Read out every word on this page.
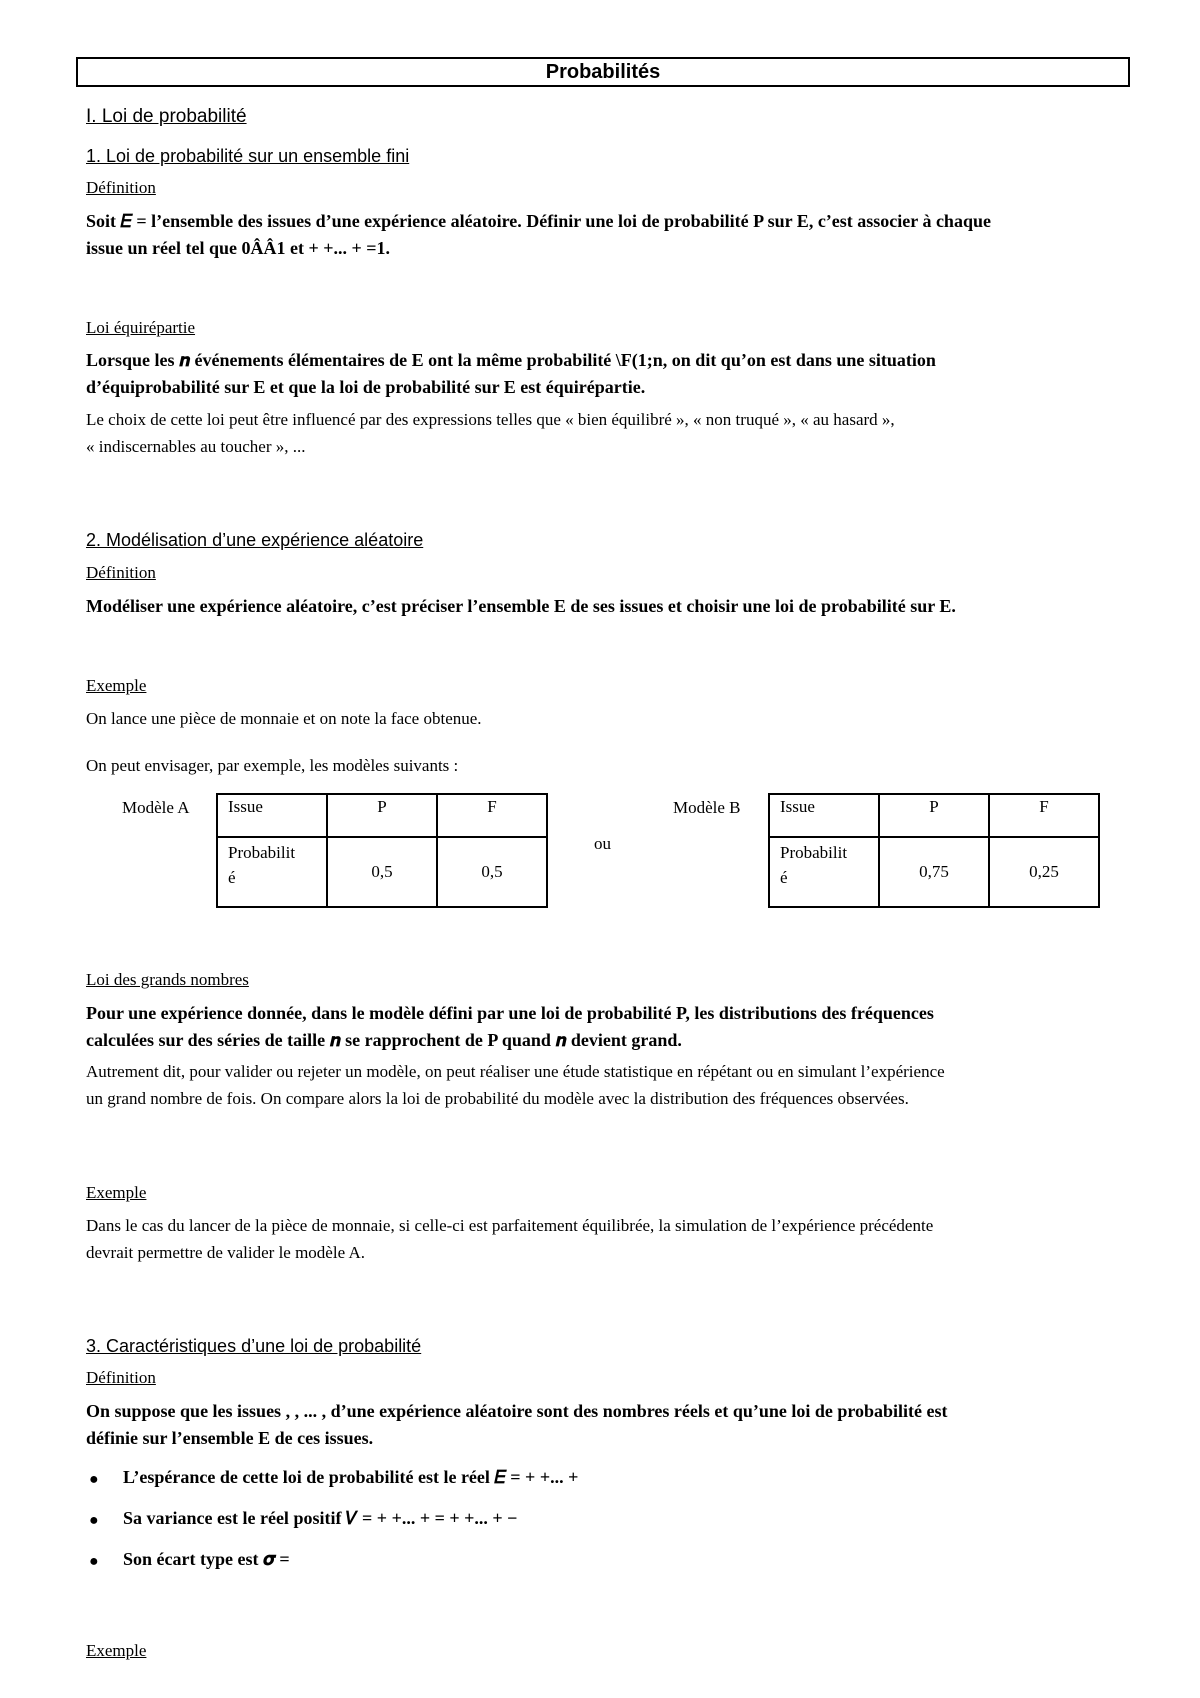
Probabilités
I. Loi de probabilité
1. Loi de probabilité sur un ensemble fini
Définition
Soit 𝐸 = l’ensemble des issues d’une expérience aléatoire. Définir une loi de probabilité P sur E, c’est associer à chaque
issue un réel tel que 0ÂÂ1 et + +... + =1.
Loi équirépartie
Lorsque les 𝒏 événements élémentaires de E ont la même probabilité \F(1;n, on dit qu’on est dans une situation
d’équiprobabilité sur E et que la loi de probabilité sur E est équirépartie.
Le choix de cette loi peut être influencé par des expressions telles que « bien équilibré », « non truqué », « au hasard »,
« indiscernables au toucher », ...
2. Modélisation d’une expérience aléatoire
Définition
Modéliser une expérience aléatoire, c’est préciser l’ensemble E de ses issues et choisir une loi de probabilité sur E.
Exemple
On lance une pièce de monnaie et on note la face obtenue.
On peut envisager, par exemple, les modèles suivants :
Modèle A Issue	P	F
Probabilit
é	0,5	0,5
ou
Modèle B Issue	P	F
Probabilit
é	0,75	0,25
Loi des grands nombres
Pour une expérience donnée, dans le modèle défini par une loi de probabilité P, les distributions des fréquences
calculées sur des séries de taille 𝒏 se rapprochent de P quand 𝒏 devient grand.
Autrement dit, pour valider ou rejeter un modèle, on peut réaliser une étude statistique en répétant ou en simulant l’expérience
un grand nombre de fois. On compare alors la loi de probabilité du modèle avec la distribution des fréquences observées.
Exemple
Dans le cas du lancer de la pièce de monnaie, si celle-ci est parfaitement équilibrée, la simulation de l’expérience précédente
devrait permettre de valider le modèle A.
3. Caractéristiques d’une loi de probabilité
Définition
On suppose que les issues , , ... , d’une expérience aléatoire sont des nombres réels et qu’une loi de probabilité est
définie sur l’ensemble E de ces issues.
● L’espérance de cette loi de probabilité est le réel 𝐸 = + +... +
● Sa variance est le réel positif 𝑉 = + +... + = + +... + −
● Son écart type est 𝝈 =
Exemple
